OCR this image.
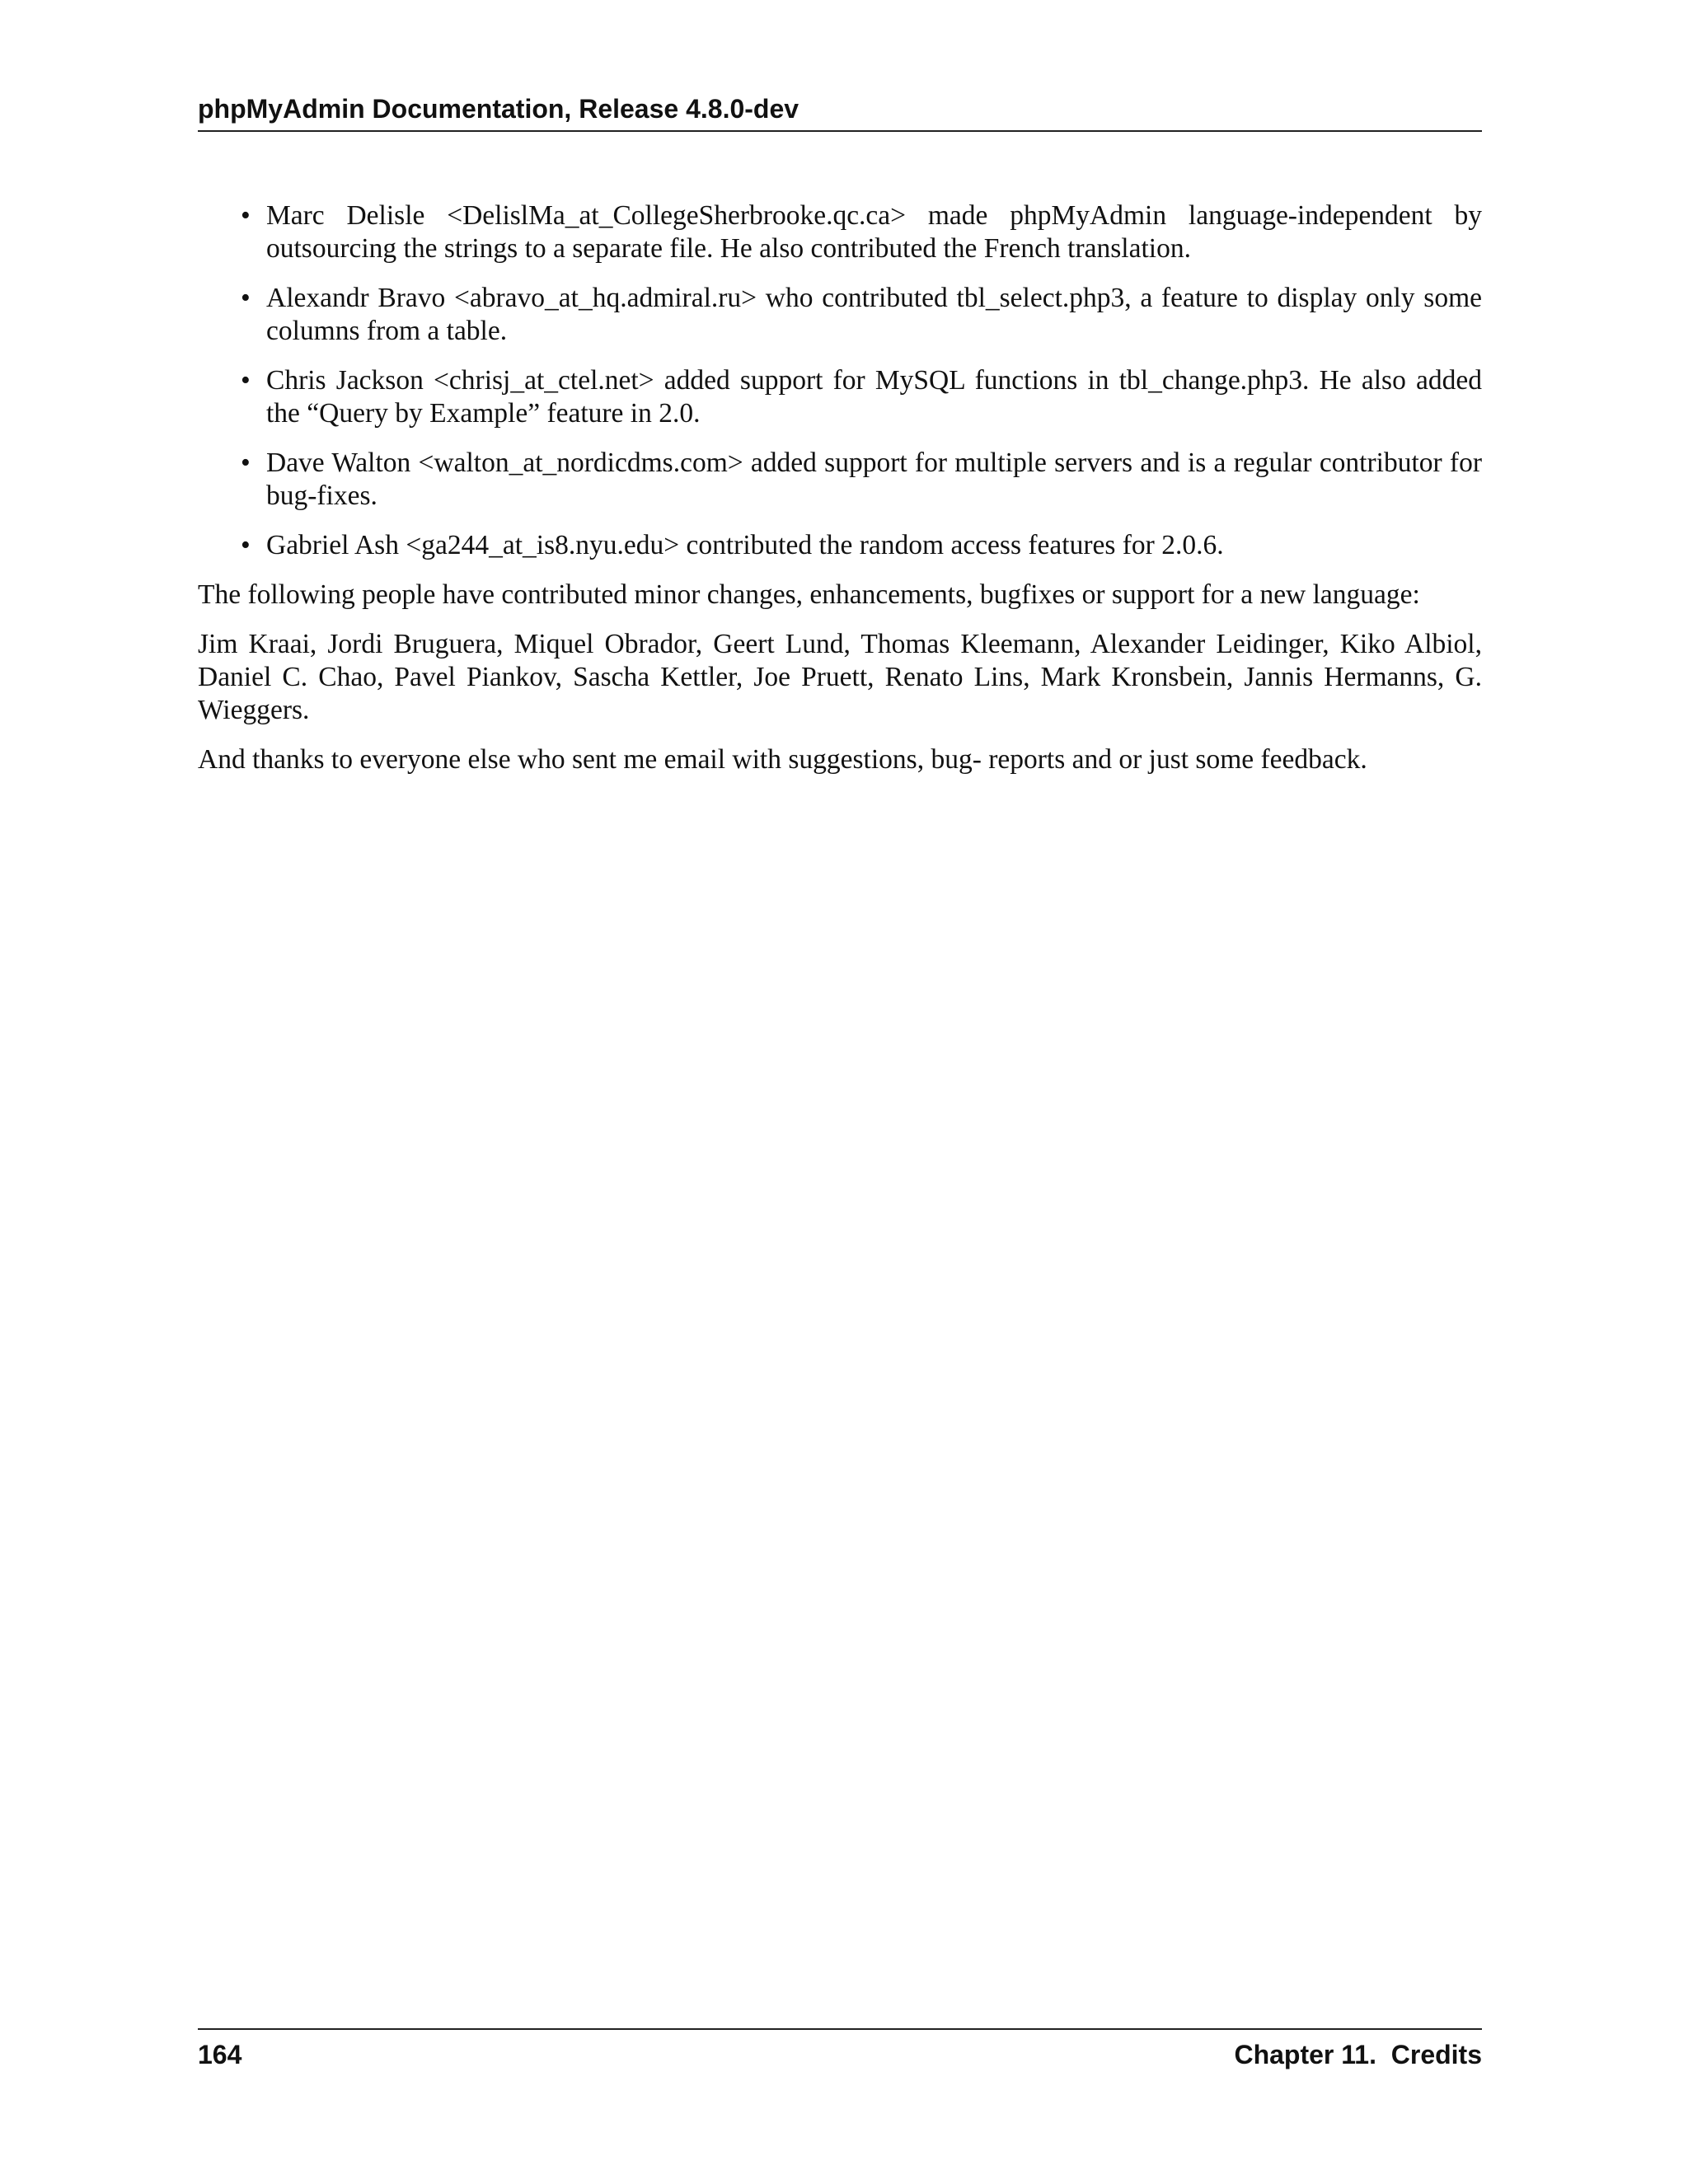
phpMyAdmin Documentation, Release 4.8.0-dev
• Marc Delisle <DelislMa_at_CollegeSherbrooke.qc.ca> made phpMyAdmin language-independent by outsourcing the strings to a separate file. He also contributed the French translation.
• Alexandr Bravo <abravo_at_hq.admiral.ru> who contributed tbl_select.php3, a feature to display only some columns from a table.
• Chris Jackson <chrisj_at_ctel.net> added support for MySQL functions in tbl_change.php3. He also added the “Query by Example” feature in 2.0.
• Dave Walton <walton_at_nordicdms.com> added support for multiple servers and is a regular contributor for bug-fixes.
• Gabriel Ash <ga244_at_is8.nyu.edu> contributed the random access features for 2.0.6.

The following people have contributed minor changes, enhancements, bugfixes or support for a new language:

Jim Kraai, Jordi Bruguera, Miquel Obrador, Geert Lund, Thomas Kleemann, Alexander Leidinger, Kiko Albiol, Daniel C. Chao, Pavel Piankov, Sascha Kettler, Joe Pruett, Renato Lins, Mark Kronsbein, Jannis Hermanns, G. Wieggers.

And thanks to everyone else who sent me email with suggestions, bug- reports and or just some feedback.

164	Chapter 11.  Credits
